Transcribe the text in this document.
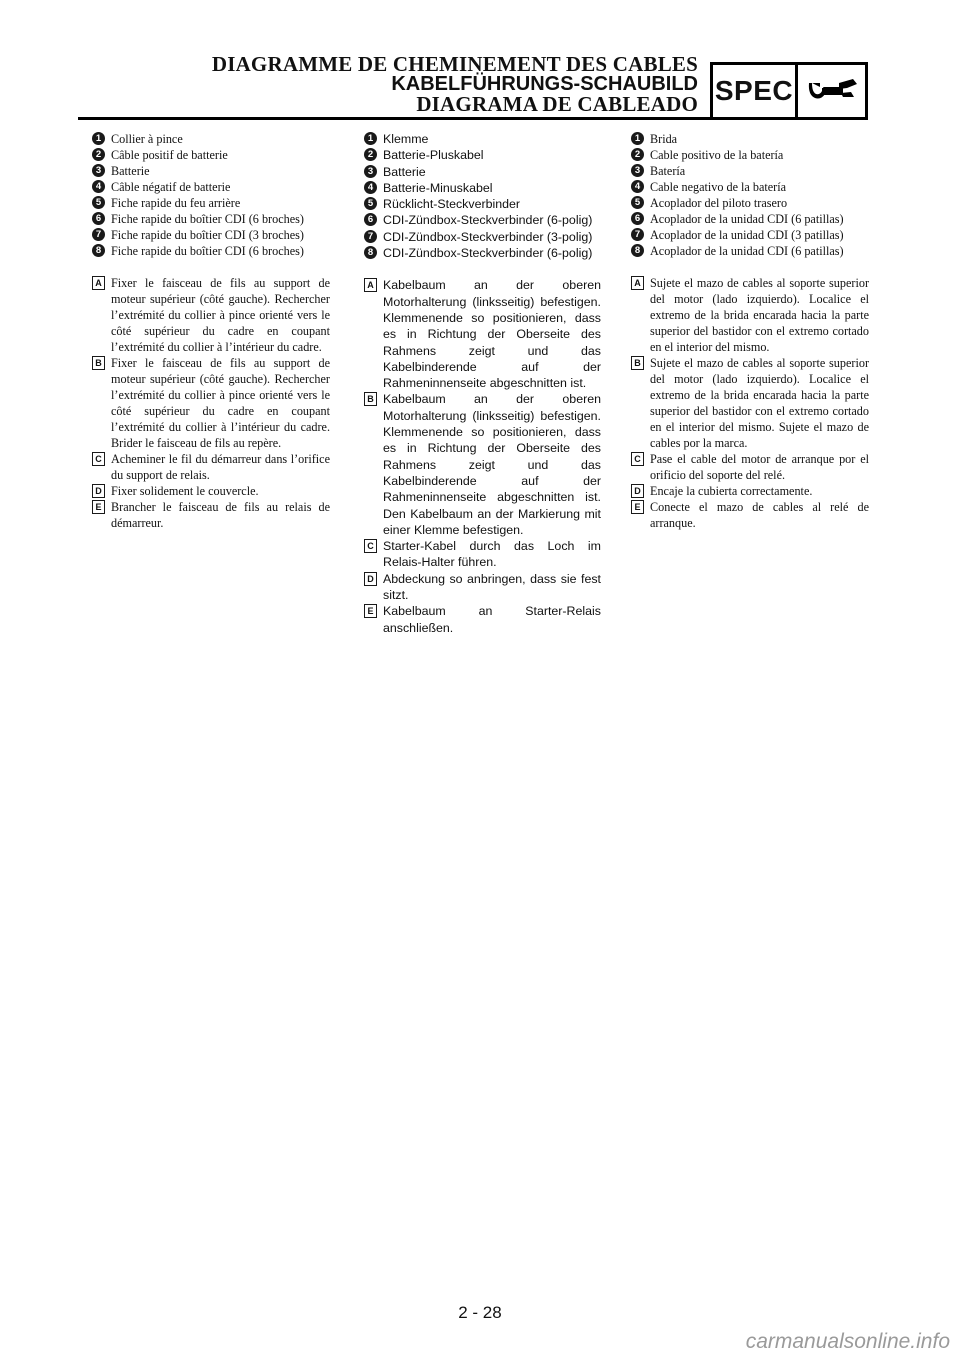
DIAGRAMME DE CHEMINEMENT DES CABLES
KABELFÜHRUNGS-SCHAUBILD
DIAGRAMA DE CABLEADO SPEC
1 Collier à pince
2 Câble positif de batterie
3 Batterie
4 Câble négatif de batterie
5 Fiche rapide du feu arrière
6 Fiche rapide du boîtier CDI (6 broches)
7 Fiche rapide du boîtier CDI (3 broches)
8 Fiche rapide du boîtier CDI (6 broches)
A Fixer le faisceau de fils au support de moteur supérieur (côté gauche). Rechercher l’extrémité du collier à pince orienté vers le côté supérieur du cadre en coupant l’extrémité du collier à l’intérieur du cadre.
B Fixer le faisceau de fils au support de moteur supérieur (côté gauche). Rechercher l’extrémité du collier à pince orienté vers le côté supérieur du cadre en coupant l’extrémité du collier à l’intérieur du cadre. Brider le faisceau de fils au repère.
C Acheminer le fil du démarreur dans l’orifice du support de relais.
D Fixer solidement le couvercle.
E Brancher le faisceau de fils au relais de démarreur.
1 Klemme
2 Batterie-Pluskabel
3 Batterie
4 Batterie-Minuskabel
5 Rücklicht-Steckverbinder
6 CDI-Zündbox-Steckverbinder (6-polig)
7 CDI-Zündbox-Steckverbinder (3-polig)
8 CDI-Zündbox-Steckverbinder (6-polig)
A Kabelbaum an der oberen Motorhalterung (linksseitig) befestigen. Klemmenende so positionieren, dass es in Richtung der Oberseite des Rahmens zeigt und das Kabelbinderende auf der Rahmeninnenseite abgeschnitten ist.
B Kabelbaum an der oberen Motorhalterung (linksseitig) befestigen. Klemmenende so positionieren, dass es in Richtung der Oberseite des Rahmens zeigt und das Kabelbinderende auf der Rahmeninnenseite abgeschnitten ist. Den Kabelbaum an der Markierung mit einer Klemme befestigen.
C Starter-Kabel durch das Loch im Relais-Halter führen.
D Abdeckung so anbringen, dass sie fest sitzt.
E Kabelbaum an Starter-Relais anschließen.
1 Brida
2 Cable positivo de la batería
3 Batería
4 Cable negativo de la batería
5 Acoplador del piloto trasero
6 Acoplador de la unidad CDI (6 patillas)
7 Acoplador de la unidad CDI (3 patillas)
8 Acoplador de la unidad CDI (6 patillas)
A Sujete el mazo de cables al soporte superior del motor (lado izquierdo). Localice el extremo de la brida encarada hacia la parte superior del bastidor con el extremo cortado en el interior del mismo.
B Sujete el mazo de cables al soporte superior del motor (lado izquierdo). Localice el extremo de la brida encarada hacia la parte superior del bastidor con el extremo cortado en el interior del mismo. Sujete el mazo de cables por la marca.
C Pase el cable del motor de arranque por el orificio del soporte del relé.
D Encaje la cubierta correctamente.
E Conecte el mazo de cables al relé de arranque.
2 - 28
carmanualsonline.info
